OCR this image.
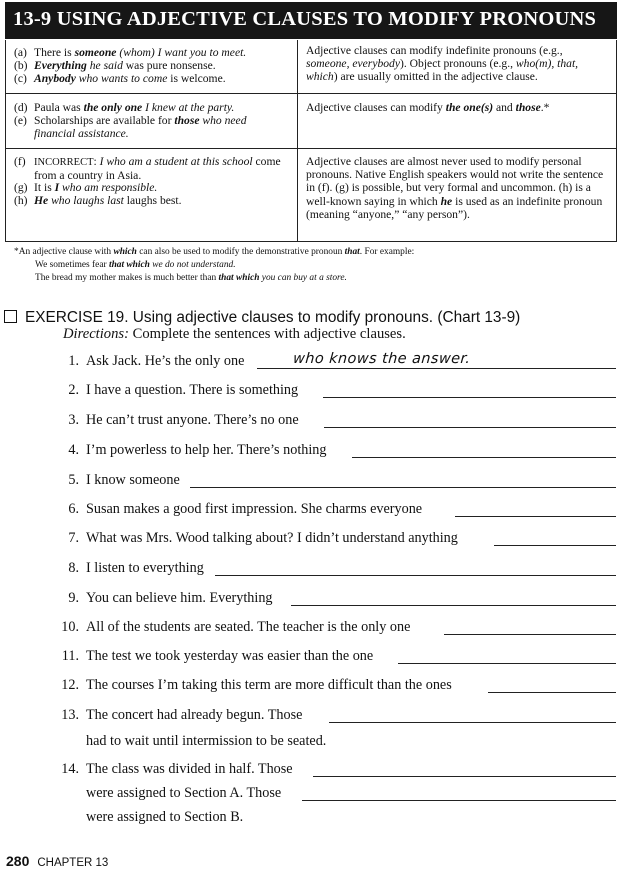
13-9 USING ADJECTIVE CLAUSES TO MODIFY PRONOUNS
(a) There is someone (whom) I want you to meet.
(b) Everything he said was pure nonsense.
(c) Anybody who wants to come is welcome.
Adjective clauses can modify indefinite pronouns (e.g., someone, everybody). Object pronouns (e.g., who(m), that, which) are usually omitted in the adjective clause.
(d) Paula was the only one I knew at the party.
(e) Scholarships are available for those who need financial assistance.
Adjective clauses can modify the one(s) and those.*
(f) INCORRECT: I who am a student at this school come from a country in Asia.
(g) It is I who am responsible.
(h) He who laughs last laughs best.
Adjective clauses are almost never used to modify personal pronouns. Native English speakers would not write the sentence in (f). (g) is possible, but very formal and uncommon. (h) is a well-known saying in which he is used as an indefinite pronoun (meaning “anyone,” “any person”).
*An adjective clause with which can also be used to modify the demonstrative pronoun that. For example:
We sometimes fear that which we do not understand.
The bread my mother makes is much better than that which you can buy at a store.
EXERCISE 19. Using adjective clauses to modify pronouns. (Chart 13-9)
Directions: Complete the sentences with adjective clauses.
1. Ask Jack. He’s the only one
2. I have a question. There is something
3. He can’t trust anyone. There’s no one
4. I’m powerless to help her. There’s nothing
5. I know someone
6. Susan makes a good first impression. She charms everyone
7. What was Mrs. Wood talking about? I didn’t understand anything
8. I listen to everything
9. You can believe him. Everything
10. All of the students are seated. The teacher is the only one
11. The test we took yesterday was easier than the one
12. The courses I’m taking this term are more difficult than the ones
13. The concert had already begun. Those
14. The class was divided in half. Those
who knows the answer.
had to wait until intermission to be seated.
were assigned to Section A. Those
were assigned to Section B.
280 CHAPTER 13
